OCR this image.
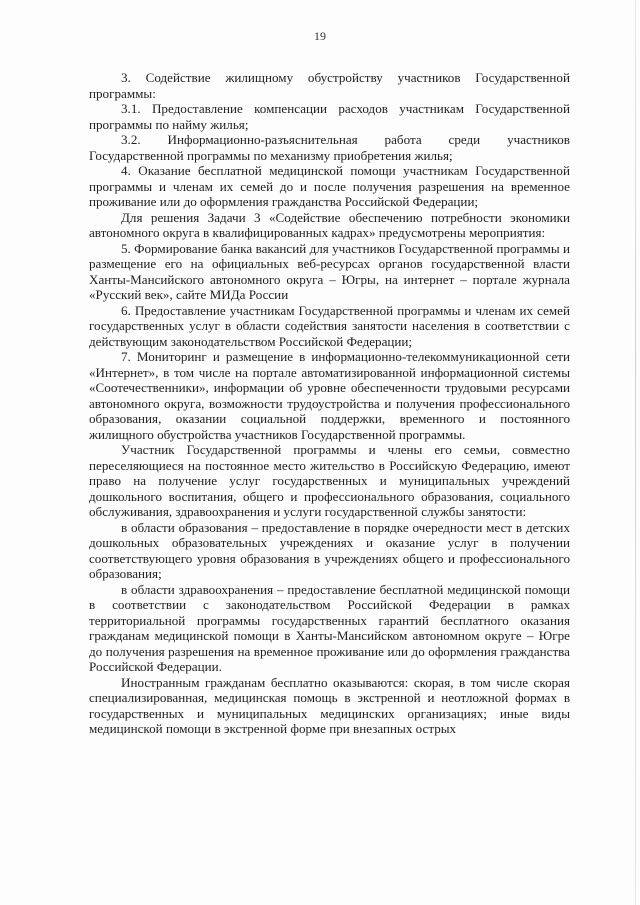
19

3. Содействие жилищному обустройству участников Государственной программы:

3.1. Предоставление компенсации расходов участникам Государственной программы по найму жилья;

3.2. Информационно-разъяснительная работа среди участников Государственной программы по механизму приобретения жилья;

4. Оказание бесплатной медицинской помощи участникам Государственной программы и членам их семей до и после получения разрешения на временное проживание или до оформления гражданства Российской Федерации;

Для решения Задачи 3 «Содействие обеспечению потребности экономики автономного округа в квалифицированных кадрах» предусмотрены мероприятия:

5. Формирование банка вакансий для участников Государственной программы и размещение его на официальных веб-ресурсах органов государственной власти Ханты-Мансийского автономного округа – Югры, на интернет – портале журнала «Русский век», сайте МИДа России

6. Предоставление участникам Государственной программы и членам их семей государственных услуг в области содействия занятости населения в соответствии с действующим законодательством Российской Федерации;

7. Мониторинг и размещение в информационно-телекоммуникационной сети «Интернет», в том числе на портале автоматизированной информационной системы «Соотечественники», информации об уровне обеспеченности трудовыми ресурсами автономного округа, возможности трудоустройства и получения профессионального образования, оказании социальной поддержки, временного и постоянного жилищного обустройства участников Государственной программы.

Участник Государственной программы и члены его семьи, совместно переселяющиеся на постоянное место жительство в Российскую Федерацию, имеют право на получение услуг государственных и муниципальных учреждений дошкольного воспитания, общего и профессионального образования, социального обслуживания, здравоохранения и услуги государственной службы занятости:

в области образования – предоставление в порядке очередности мест в детских дошкольных образовательных учреждениях и оказание услуг в получении соответствующего уровня образования в учреждениях общего и профессионального образования;

в области здравоохранения – предоставление бесплатной медицинской помощи в соответствии с законодательством Российской Федерации в рамках территориальной программы государственных гарантий бесплатного оказания гражданам медицинской помощи в Ханты-Мансийском автономном округе – Югре до получения разрешения на временное проживание или до оформления гражданства Российской Федерации.

Иностранным гражданам бесплатно оказываются: скорая, в том числе скорая специализированная, медицинская помощь в экстренной и неотложной формах в государственных и муниципальных медицинских организациях; иные виды медицинской помощи в экстренной форме при внезапных острых
